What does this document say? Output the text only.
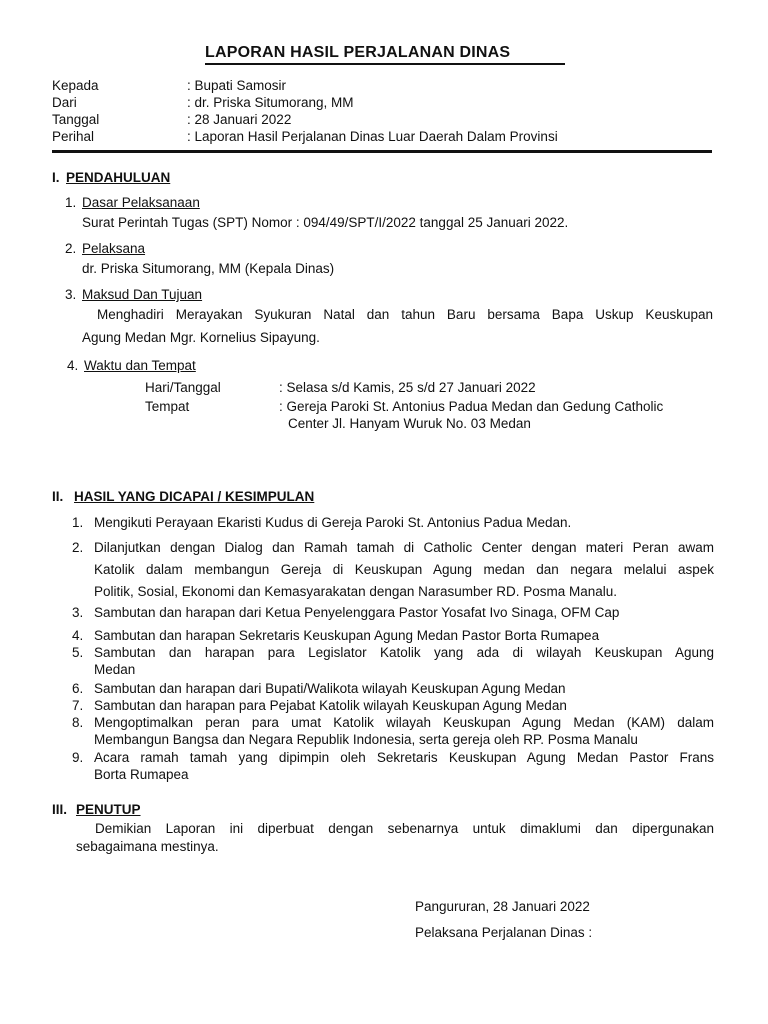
LAPORAN HASIL PERJALANAN DINAS
Kepada	: Bupati Samosir
Dari	: dr. Priska Situmorang, MM
Tanggal	: 28 Januari 2022
Perihal	: Laporan Hasil Perjalanan Dinas Luar Daerah Dalam Provinsi
I. PENDAHULUAN
1. Dasar Pelaksanaan
Surat Perintah Tugas (SPT) Nomor : 094/49/SPT/I/2022 tanggal 25 Januari 2022.
2. Pelaksana
dr. Priska Situmorang, MM (Kepala Dinas)
3. Maksud Dan Tujuan
Menghadiri Merayakan Syukuran Natal dan tahun Baru bersama Bapa Uskup Keuskupan
Agung Medan Mgr. Kornelius Sipayung.
4. Waktu dan Tempat
Hari/Tanggal	: Selasa s/d Kamis, 25 s/d 27 Januari 2022
Tempat	: Gereja Paroki St. Antonius Padua Medan dan Gedung Catholic
Center Jl. Hanyam Wuruk No. 03 Medan
II. HASIL YANG DICAPAI / KESIMPULAN
1. Mengikuti Perayaan Ekaristi Kudus di Gereja Paroki St. Antonius Padua Medan.
2. Dilanjutkan dengan Dialog dan Ramah tamah di Catholic Center dengan materi Peran awam
Katolik dalam membangun Gereja di Keuskupan Agung medan dan negara melalui aspek
Politik, Sosial, Ekonomi dan Kemasyarakatan dengan Narasumber RD. Posma Manalu.
3. Sambutan dan harapan dari Ketua Penyelenggara Pastor Yosafat Ivo Sinaga, OFM Cap
4. Sambutan dan harapan Sekretaris Keuskupan Agung Medan Pastor Borta Rumapea
5. Sambutan dan harapan para Legislator Katolik yang ada di wilayah Keuskupan Agung
Medan
6. Sambutan dan harapan dari Bupati/Walikota wilayah Keuskupan Agung Medan
7. Sambutan dan harapan para Pejabat Katolik wilayah Keuskupan Agung Medan
8. Mengoptimalkan peran para umat Katolik wilayah Keuskupan Agung Medan (KAM) dalam
Membangun Bangsa dan Negara Republik Indonesia, serta gereja oleh RP. Posma Manalu
9. Acara ramah tamah yang dipimpin oleh Sekretaris Keuskupan Agung Medan Pastor Frans
Borta Rumapea
III. PENUTUP
Demikian Laporan ini diperbuat dengan sebenarnya untuk dimaklumi dan dipergunakan
sebagaimana mestinya.
Pangururan, 28 Januari 2022
Pelaksana Perjalanan Dinas :
